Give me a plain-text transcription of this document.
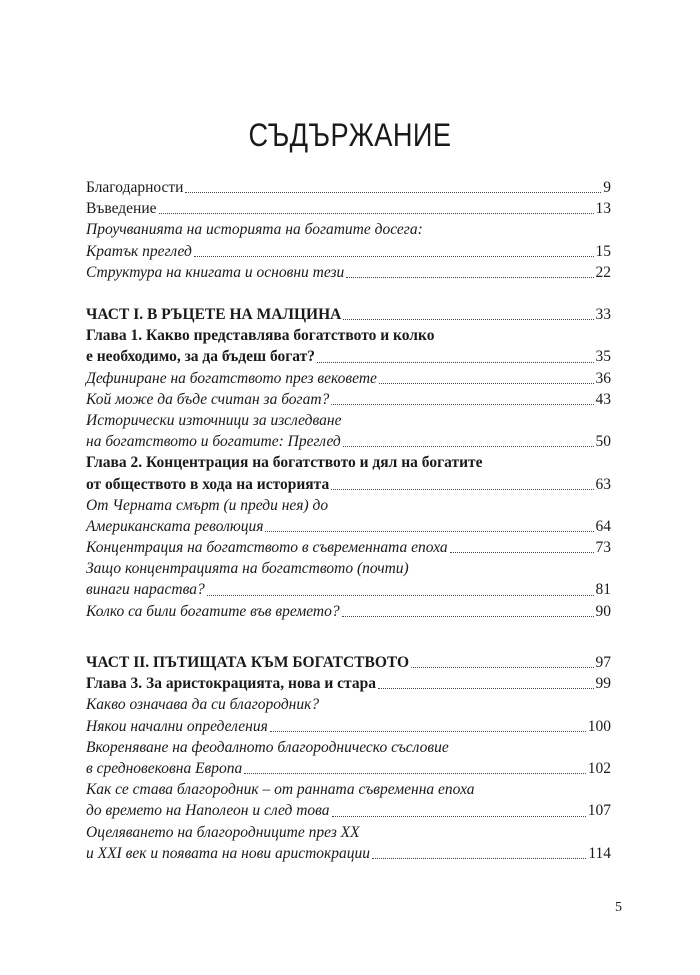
СЪДЪРЖАНИЕ
Благодарности	9
Въведение	13
Проучванията на историята на богатите досега:
Кратък преглед	15
Структура на книгата и основни тези	22
ЧАСТ I. В РЪЦЕТЕ НА МАЛЦИНА	33
Глава 1. Какво представлява богатството и колко
е необходимо, за да бъдеш богат?	35
Дефиниране на богатството през вековете	36
Кой може да бъде считан за богат?	43
Исторически източници за изследване
на богатството и богатите: Преглед	50
Глава 2. Концентрация на богатството и дял на богатите
от обществото в хода на историята	63
От Черната смърт (и преди нея) до
Американската революция	64
Концентрация на богатството в съвременната епоха	73
Защо концентрацията на богатството (почти)
винаги нараства?	81
Колко са били богатите във времето?	90
ЧАСТ II. ПЪТИЩАТА КЪМ БОГАТСТВОТО	97
Глава 3. За аристокрацията, нова и стара	99
Какво означава да си благородник?
Някои начални определения	100
Вкореняване на феодалното благородническо съсловие
в средновековна Европа	102
Как се става благородник – от ранната съвременна епоха
до времето на Наполеон и след това	107
Оцеляването на благородниците през XX
и XXI век и появата на нови аристокрации	114
5
